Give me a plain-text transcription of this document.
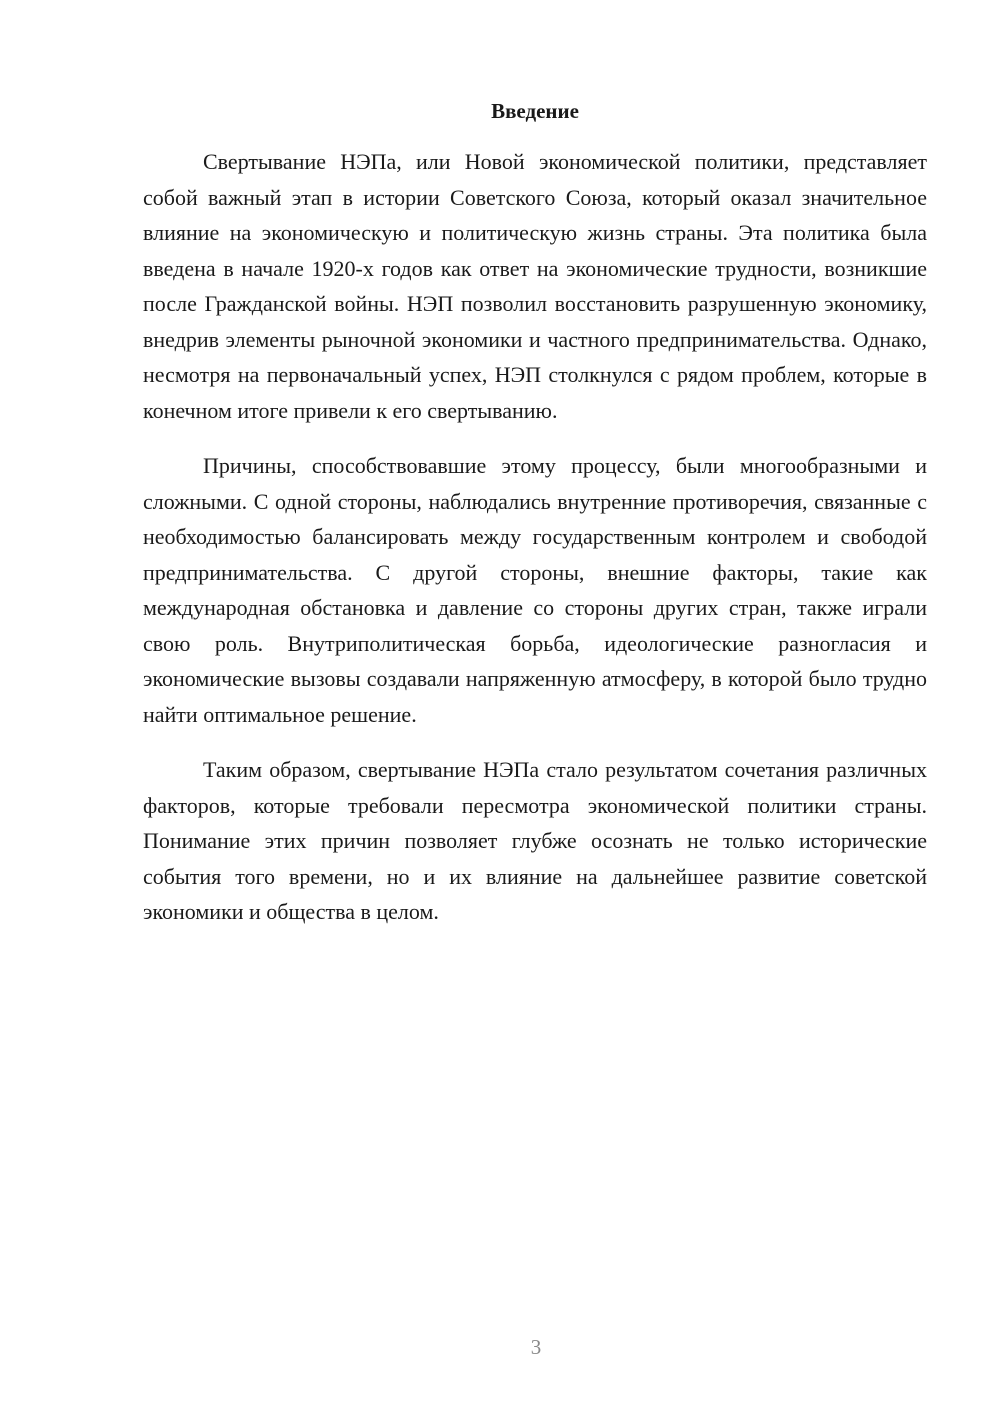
Введение

Свертывание НЭПа, или Новой экономической политики, представляет собой важный этап в истории Советского Союза, который оказал значительное влияние на экономическую и политическую жизнь страны. Эта политика была введена в начале 1920-х годов как ответ на экономические трудности, возникшие после Гражданской войны. НЭП позволил восстановить разрушенную экономику, внедрив элементы рыночной экономики и частного предпринимательства. Однако, несмотря на первоначальный успех, НЭП столкнулся с рядом проблем, которые в конечном итоге привели к его свертыванию.

Причины, способствовавшие этому процессу, были многообразными и сложными. С одной стороны, наблюдались внутренние противоречия, связанные с необходимостью балансировать между государственным контролем и свободой предпринимательства. С другой стороны, внешние факторы, такие как международная обстановка и давление со стороны других стран, также играли свою роль. Внутриполитическая борьба, идеологические разногласия и экономические вызовы создавали напряженную атмосферу, в которой было трудно найти оптимальное решение.

Таким образом, свертывание НЭПа стало результатом сочетания различных факторов, которые требовали пересмотра экономической политики страны. Понимание этих причин позволяет глубже осознать не только исторические события того времени, но и их влияние на дальнейшее развитие советской экономики и общества в целом.

3
